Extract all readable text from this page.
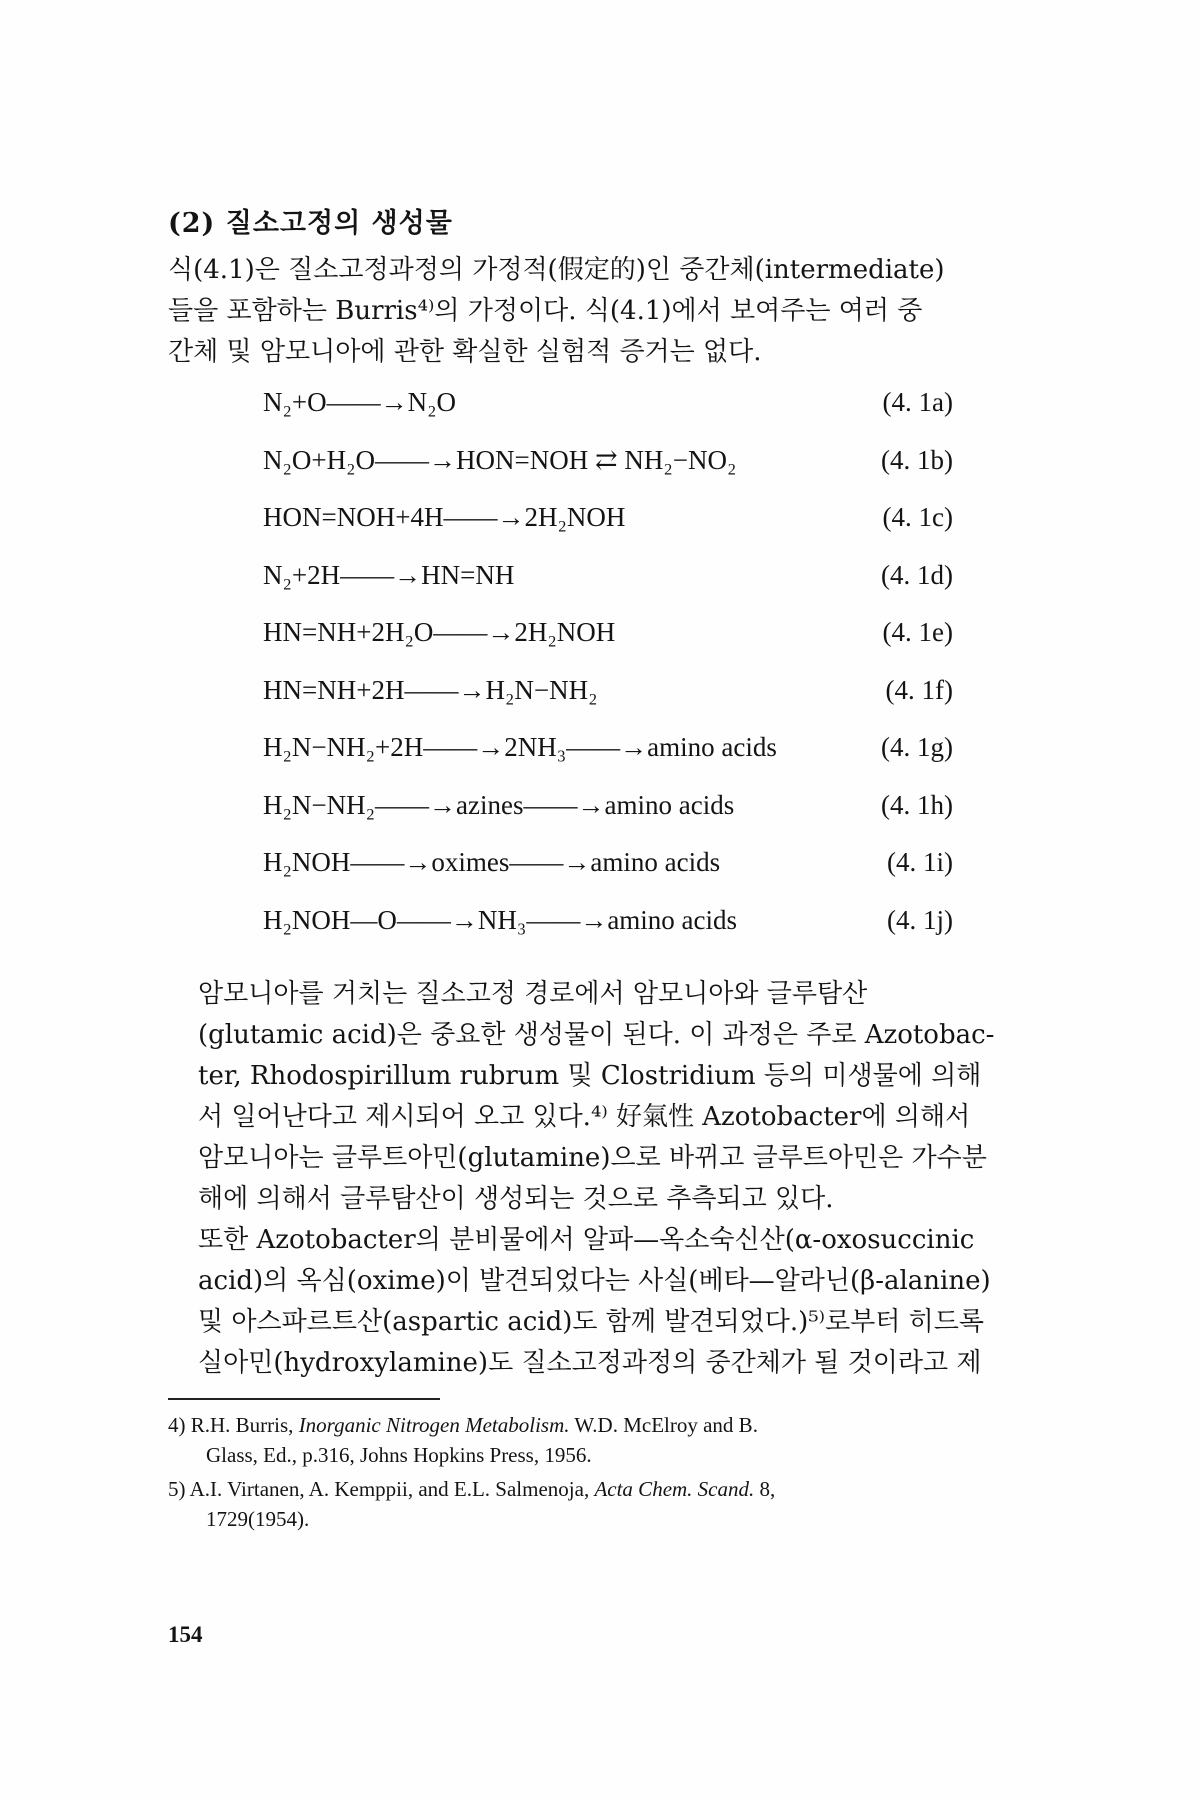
(2) 질소고정의 생성물

식(4.1)은 질소고정과정의 가정적(假定的)인 중간체(intermediate)
들을 포함하는 Burris⁴⁾의 가정이다. 식(4.1)에서 보여주는 여러 중
간체 및 암모니아에 관한 확실한 실험적 증거는 없다.

N₂+O——→N₂O	(4. 1a)
N₂O+H₂O——→HON=NOH ⇄ NH₂−NO₂	(4. 1b)
HON=NOH+4H——→2H₂NOH	(4. 1c)
N₂+2H——→HN=NH	(4. 1d)
HN=NH+2H₂O——→2H₂NOH	(4. 1e)
HN=NH+2H——→H₂N−NH₂	(4. 1f)
H₂N−NH₂+2H——→2NH₃——→amino acids	(4. 1g)
H₂N−NH₂——→azines——→amino acids	(4. 1h)
H₂NOH——→oximes——→amino acids	(4. 1i)
H₂NOH—O——→NH₃——→amino acids	(4. 1j)

암모니아를 거치는 질소고정 경로에서 암모니아와 글루탐산
(glutamic acid)은 중요한 생성물이 된다. 이 과정은 주로 Azotobac-
ter, Rhodospirillum rubrum 및 Clostridium 등의 미생물에 의해
서 일어난다고 제시되어 오고 있다.⁴⁾ 好氣性 Azotobacter에 의해서
암모니아는 글루트아민(glutamine)으로 바뀌고 글루트아민은 가수분
해에 의해서 글루탐산이 생성되는 것으로 추측되고 있다.

또한 Azotobacter의 분비물에서 알파—옥소숙신산(α-oxosuccinic
acid)의 옥심(oxime)이 발견되었다는 사실(베타—알라닌(β-alanine)
및 아스파르트산(aspartic acid)도 함께 발견되었다.)⁵⁾로부터 히드록
실아민(hydroxylamine)도 질소고정과정의 중간체가 될 것이라고 제

4) R.H. Burris, Inorganic Nitrogen Metabolism. W.D. McElroy and B.
Glass, Ed., p.316, Johns Hopkins Press, 1956.

5) A.I. Virtanen, A. Kemppii, and E.L. Salmenoja, Acta Chem. Scand. 8,
1729(1954).

154
